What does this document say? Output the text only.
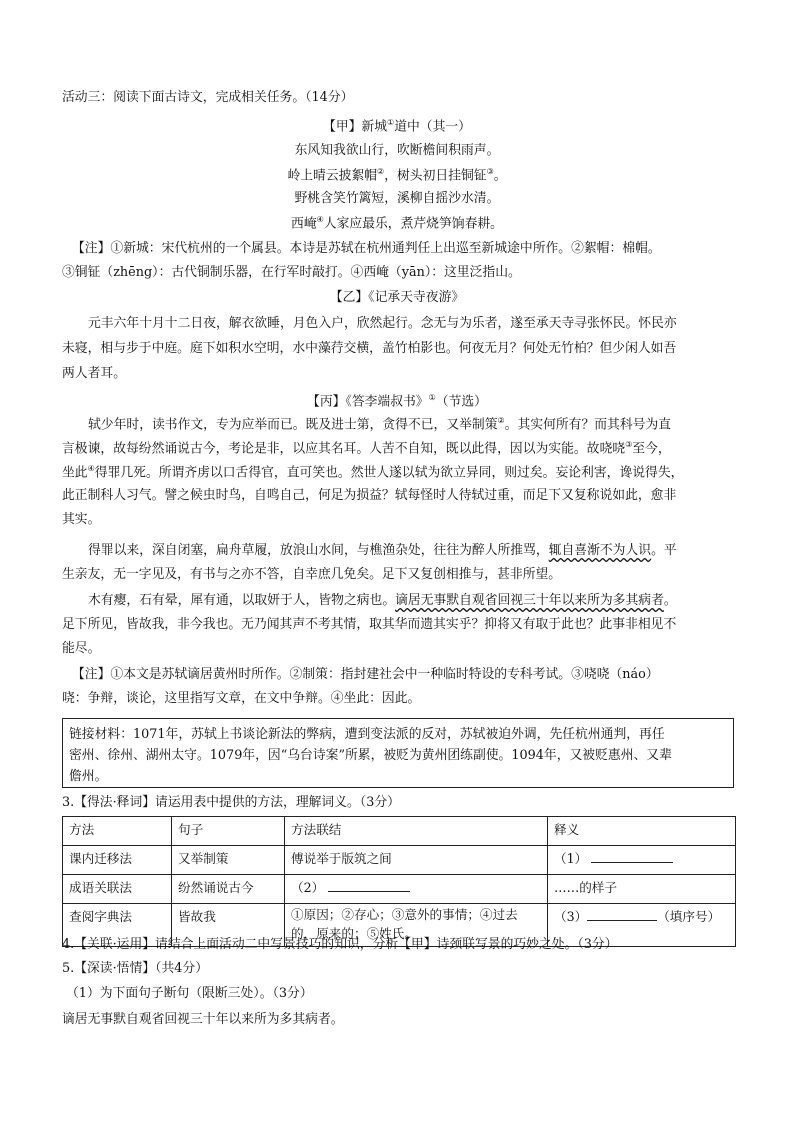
活动三：阅读下面古诗文，完成相关任务。（14分）
【甲】新城①道中（其一）
东风知我欲山行，吹断檐间积雨声。
岭上晴云披絮帽②，树头初日挂铜钲③。
野桃含笑竹篱短，溪柳自摇沙水清。
西崦④人家应最乐，煮芹烧笋饷春耕。
【注】①新城：宋代杭州的一个属县。本诗是苏轼在杭州通判任上出巡至新城途中所作。②絮帽：棉帽。
③铜钲（zhēng）：古代铜制乐器，在行军时敲打。④西崦（yān）：这里泛指山。
【乙】《记承天寺夜游》
元丰六年十月十二日夜，解衣欲睡，月色入户，欣然起行。念无与为乐者，遂至承天寺寻张怀民。怀民亦
未寝，相与步于中庭。庭下如积水空明，水中藻荇交横，盖竹柏影也。何夜无月？何处无竹柏？但少闲人如吾
两人者耳。
【丙】《答李端叔书》①（节选）
轼少年时，读书作文，专为应举而已。既及进士第，贪得不已，又举制策②。其实何所有？而其科号为直
言极谏，故每纷然诵说古今，考论是非，以应其名耳。人苦不自知，既以此得，因以为实能。故哓哓③至今，
坐此④得罪几死。所谓齐虏以口舌得官，直可笑也。然世人遂以轼为欲立异同，则过矣。妄论利害，谗说得失，
此正制科人习气。譬之候虫时鸟，自鸣自己，何足为损益？轼每怪时人待轼过重，而足下又复称说如此，愈非
其实。
得罪以来，深自闭塞，扁舟草履，放浪山水间，与樵渔杂处，往往为醉人所推骂，辄自喜渐不为人识。平
生亲友，无一字见及，有书与之亦不答，自幸庶几免矣。足下又复创相推与，甚非所望。
木有瘿，石有晕，犀有通，以取妍于人，皆物之病也。谪居无事默自观省回视三十年以来所为多其病者。
足下所见，皆故我，非今我也。无乃闻其声不考其情，取其华而遗其实乎？抑将又有取于此也？此事非相见不
能尽。
【注】①本文是苏轼谪居黄州时所作。②制策：指封建社会中一种临时特设的专科考试。③哓哓（náo）
哓：争辩，谈论，这里指写文章，在文中争辩。④坐此：因此。
链接材料：1071年，苏轼上书谈论新法的弊病，遭到变法派的反对，苏轼被迫外调，先任杭州通判，再任
密州、徐州、湖州太守。1079年，因“乌台诗案”所累，被贬为黄州团练副使。1094年，又被贬惠州、又辈
儋州。
3.【得法·释词】请运用表中提供的方法，理解词义。（3分）
方法	句子	方法联结	释义
课内迁移法	又举制策	傅说举于版筑之间	（1）
成语关联法	纷然诵说古今	（2）	……的样子
查阅字典法	皆故我	①原因；②存心；③意外的事情；④过去的，原来的；⑤姓氏。	（3） （填序号）
4.【关联·运用】请结合上面活动二中写景技巧的知识，分析【甲】诗颈联写景的巧妙之处。（3分）
5.【深读·悟情】（共4分）
（1）为下面句子断句（限断三处）。（3分）
谪居无事默自观省回视三十年以来所为多其病者。
